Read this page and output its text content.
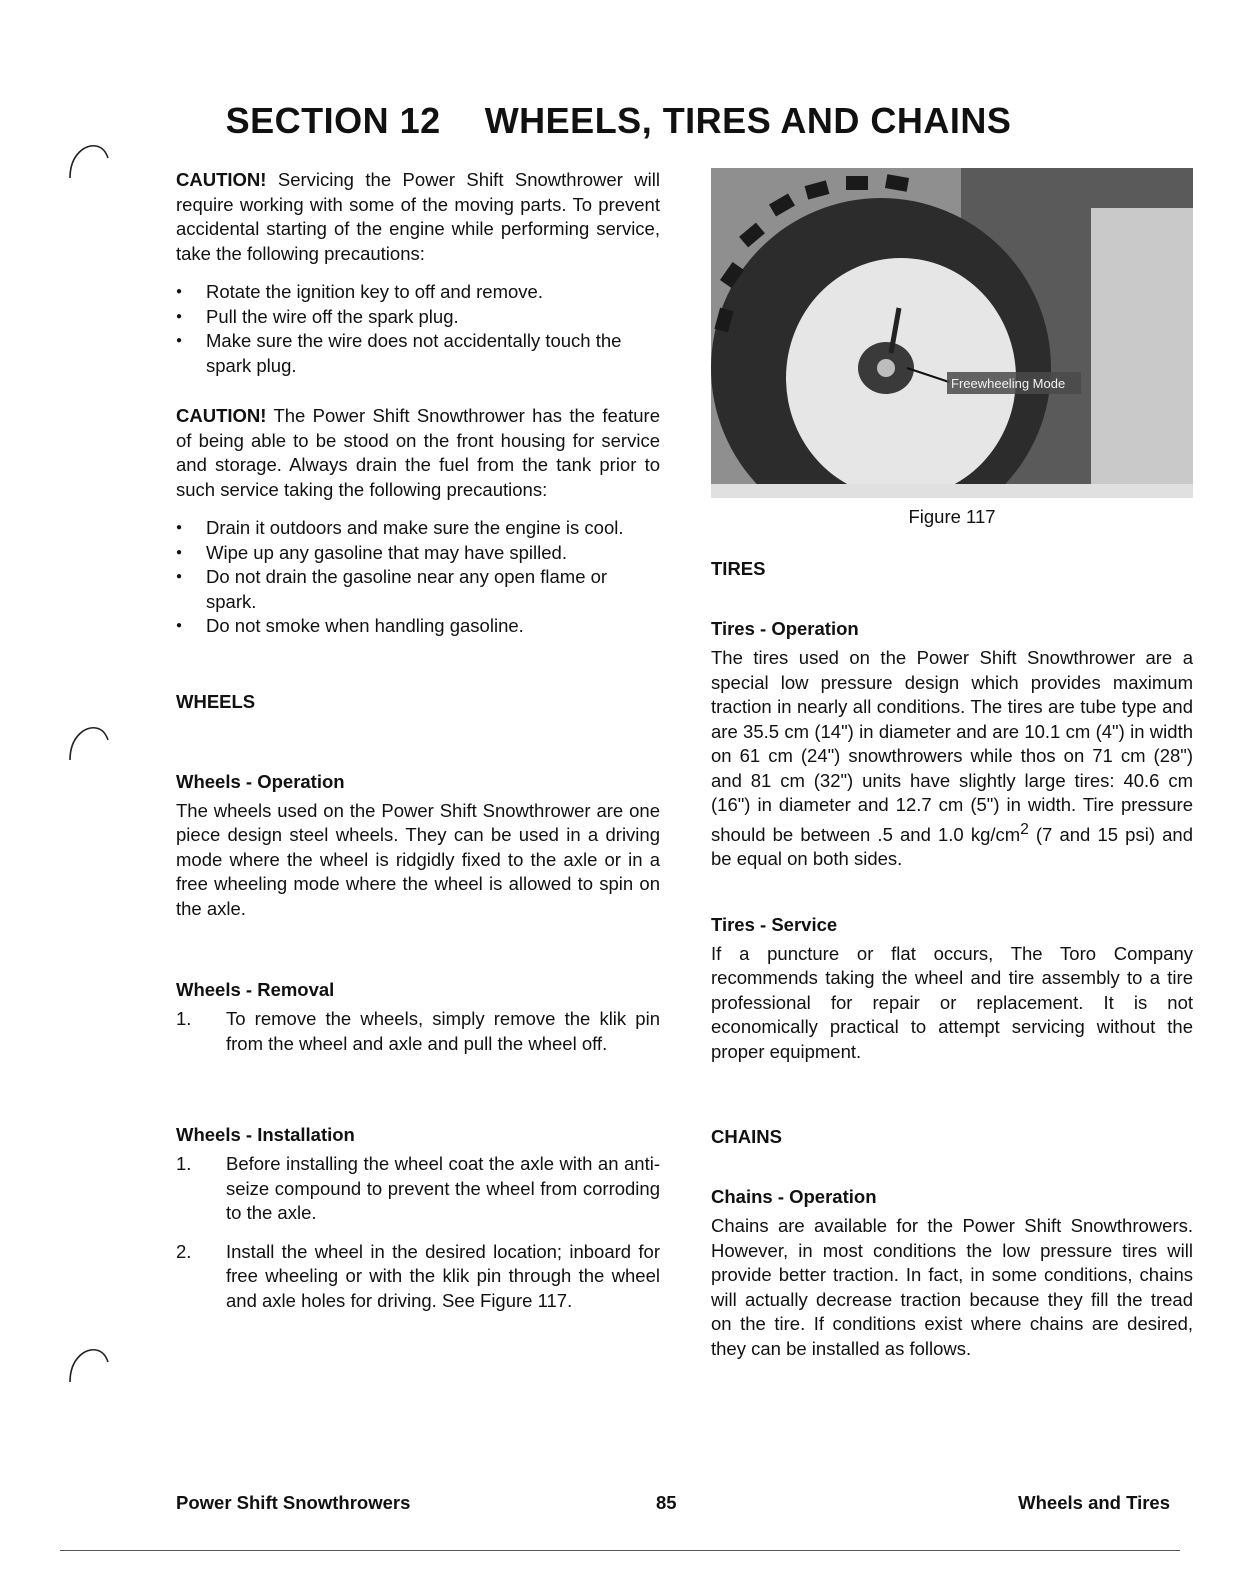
SECTION 12 WHEELS, TIRES AND CHAINS

CAUTION! Servicing the Power Shift Snowthrower will require working with some of the moving parts. To prevent accidental starting of the engine while performing service, take the following precautions:

● Rotate the ignition key to off and remove.
● Pull the wire off the spark plug.
● Make sure the wire does not accidentally touch the spark plug.

CAUTION! The Power Shift Snowthrower has the feature of being able to be stood on the front housing for service and storage. Always drain the fuel from the tank prior to such service taking the following precautions:

● Drain it outdoors and make sure the engine is cool.
● Wipe up any gasoline that may have spilled.
● Do not drain the gasoline near any open flame or spark.
● Do not smoke when handling gasoline.
WHEELS
Wheels - Operation

The wheels used on the Power Shift Snowthrower are one piece design steel wheels. They can be used in a driving mode where the wheel is ridgidly fixed to the axle or in a free wheeling mode where the wheel is allowed to spin on the axle.

Wheels - Removal
1. To remove the wheels, simply remove the klik pin from the wheel and axle and pull the wheel off.
Wheels - Installation
1. Before installing the wheel coat the axle with an anti-seize compound to prevent the wheel from corroding to the axle.
2. Install the wheel in the desired location; inboard for free wheeling or with the klik pin through the wheel and axle holes for driving. See Figure 117.
Freewheeling Mode
Figure 117
TIRES
Tires - Operation

The tires used on the Power Shift Snowthrower are a special low pressure design which provides maximum traction in nearly all conditions. The tires are tube type and are 35.5 cm (14") in diameter and are 10.1 cm (4") in width on 61 cm (24") snowthrowers while thos on 71 cm (28") and 81 cm (32") units have slightly large tires: 40.6 cm (16") in diameter and 12.7 cm (5") in width. Tire pressure should be between .5 and 1.0 $kg/cm^2$ (7 and 15 psi) and be equal on both sides.

Tires - Service

If a puncture or flat occurs, The Toro Company recommends taking the wheel and tire assembly to a tire professional for repair or replacement. It is not economically practical to attempt servicing without the proper equipment.

CHAINS
Chains - Operation

Chains are available for the Power Shift Snowthrowers. However, in most conditions the low pressure tires will provide better traction. In fact, in some conditions, chains will actually decrease traction because they fill the tread on the tire. If conditions exist where chains are desired, they can be installed as follows.

Power Shift Snowthrowers	85	Wheels and Tires
